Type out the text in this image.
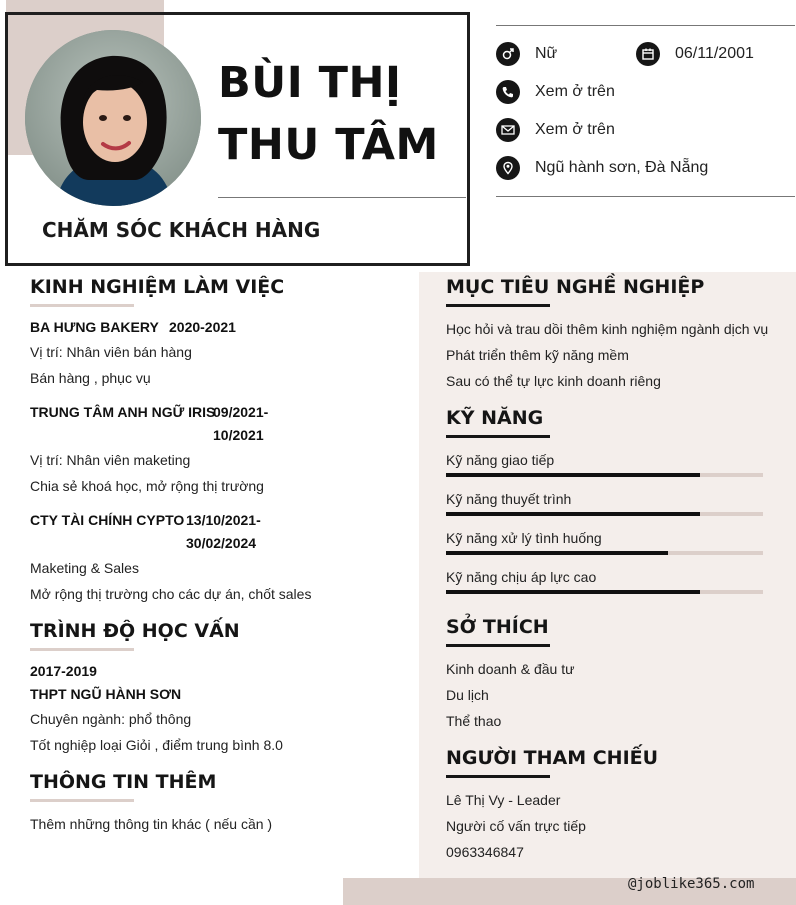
BÙI THỊ
THU TÂM
CHĂM SÓC KHÁCH HÀNG
Nữ	06/11/2001
Xem ở trên
Xem ở trên
Ngũ hành sơn, Đà Nẵng
KINH NGHIỆM LÀM VIỆC
BA HƯNG BAKERY 2020-2021
Vị trí: Nhân viên bán hàng
Bán hàng , phục vụ
TRUNG TÂM ANH NGỮ IRIS
09/2021-
10/2021
Vị trí: Nhân viên maketing
Chia sẻ khoá học, mở rộng thị trường
CTY TÀI CHÍNH CYPTO 13/10/2021-
30/02/2024
Maketing & Sales
Mở rộng thị trường cho các dự án, chốt sales
TRÌNH ĐỘ HỌC VẤN
2017-2019
THPT NGŨ HÀNH SƠN
Chuyên ngành: phổ thông
Tốt nghiệp loại Giỏi , điểm trung bình 8.0
THÔNG TIN THÊM
Thêm những thông tin khác ( nếu cần )
MỤC TIÊU NGHỀ NGHIỆP
Học hỏi và trau dồi thêm kinh nghiệm ngành dịch vụ
Phát triển thêm kỹ năng mềm
Sau có thể tự lực kinh doanh riêng
KỸ NĂNG
Kỹ năng giao tiếp
Kỹ năng thuyết trình
Kỹ năng xử lý tình huống
Kỹ năng chịu áp lực cao
SỞ THÍCH
Kinh doanh & đầu tư
Du lịch
Thể thao
NGƯỜI THAM CHIẾU
Lê Thị Vy - Leader
Người cố vấn trực tiếp
0963346847
@joblike365.com
